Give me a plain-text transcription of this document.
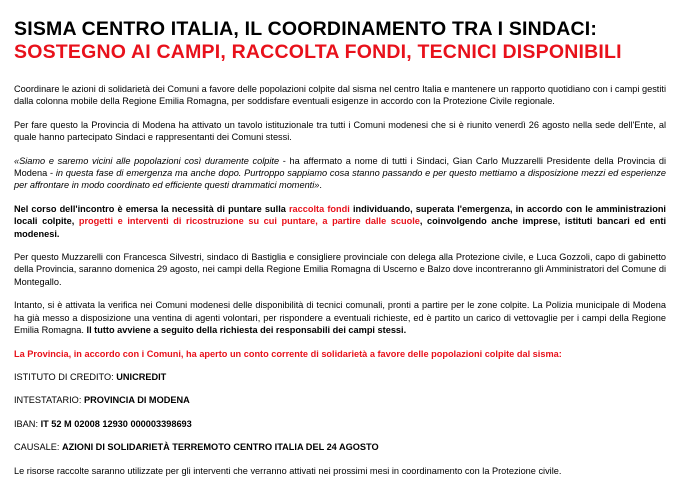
SISMA CENTRO ITALIA, IL COORDINAMENTO TRA I SINDACI:
SOSTEGNO AI CAMPI, RACCOLTA FONDI, TECNICI DISPONIBILI

Coordinare le azioni di solidarietà dei Comuni a favore delle popolazioni colpite dal sisma nel centro Italia e mantenere un rapporto quotidiano con i campi gestiti dalla colonna mobile della Regione Emilia Romagna, per soddisfare eventuali esigenze in accordo con la Protezione Civile regionale.

Per fare questo la Provincia di Modena ha attivato un tavolo istituzionale tra tutti i Comuni modenesi che si è riunito venerdì 26 agosto nella sede dell'Ente, al quale hanno partecipato Sindaci e rappresentanti dei Comuni stessi.

«Siamo e saremo vicini alle popolazioni così duramente colpite - ha affermato a nome di tutti i Sindaci, Gian Carlo Muzzarelli Presidente della Provincia di Modena - in questa fase di emergenza ma anche dopo. Purtroppo sappiamo cosa stanno passando e per questo mettiamo a disposizione mezzi ed esperienze per affrontare in modo coordinato ed efficiente questi drammatici momenti».

Nel corso dell'incontro è emersa la necessità di puntare sulla raccolta fondi individuando, superata l'emergenza, in accordo con le amministrazioni locali colpite, progetti e interventi di ricostruzione su cui puntare, a partire dalle scuole, coinvolgendo anche imprese, istituti bancari ed enti modenesi.

Per questo Muzzarelli con Francesca Silvestri, sindaco di Bastiglia e consigliere provinciale con delega alla Protezione civile, e Luca Gozzoli, capo di gabinetto della Provincia, saranno domenica 29 agosto, nei campi della Regione Emilia Romagna di Uscerno e Balzo dove incontreranno gli Amministratori del Comune di Montegallo.

Intanto, si è attivata la verifica nei Comuni modenesi delle disponibilità di tecnici comunali, pronti a partire per le zone colpite. La Polizia municipale di Modena ha già messo a disposizione una ventina di agenti volontari, per rispondere a eventuali richieste, ed è partito un carico di vettovaglie per i campi della Regione Emilia Romagna. Il tutto avviene a seguito della richiesta dei responsabili dei campi stessi.

La Provincia, in accordo con i Comuni, ha aperto un conto corrente di solidarietà a favore delle popolazioni colpite dal sisma:

ISTITUTO DI CREDITO: UNICREDIT

INTESTATARIO: PROVINCIA DI MODENA

IBAN: IT 52 M 02008 12930 000003398693

CAUSALE: AZIONI DI SOLIDARIETÀ TERREMOTO CENTRO ITALIA DEL 24 AGOSTO

Le risorse raccolte saranno utilizzate per gli interventi che verranno attivati nei prossimi mesi in coordinamento con la Protezione civile.
